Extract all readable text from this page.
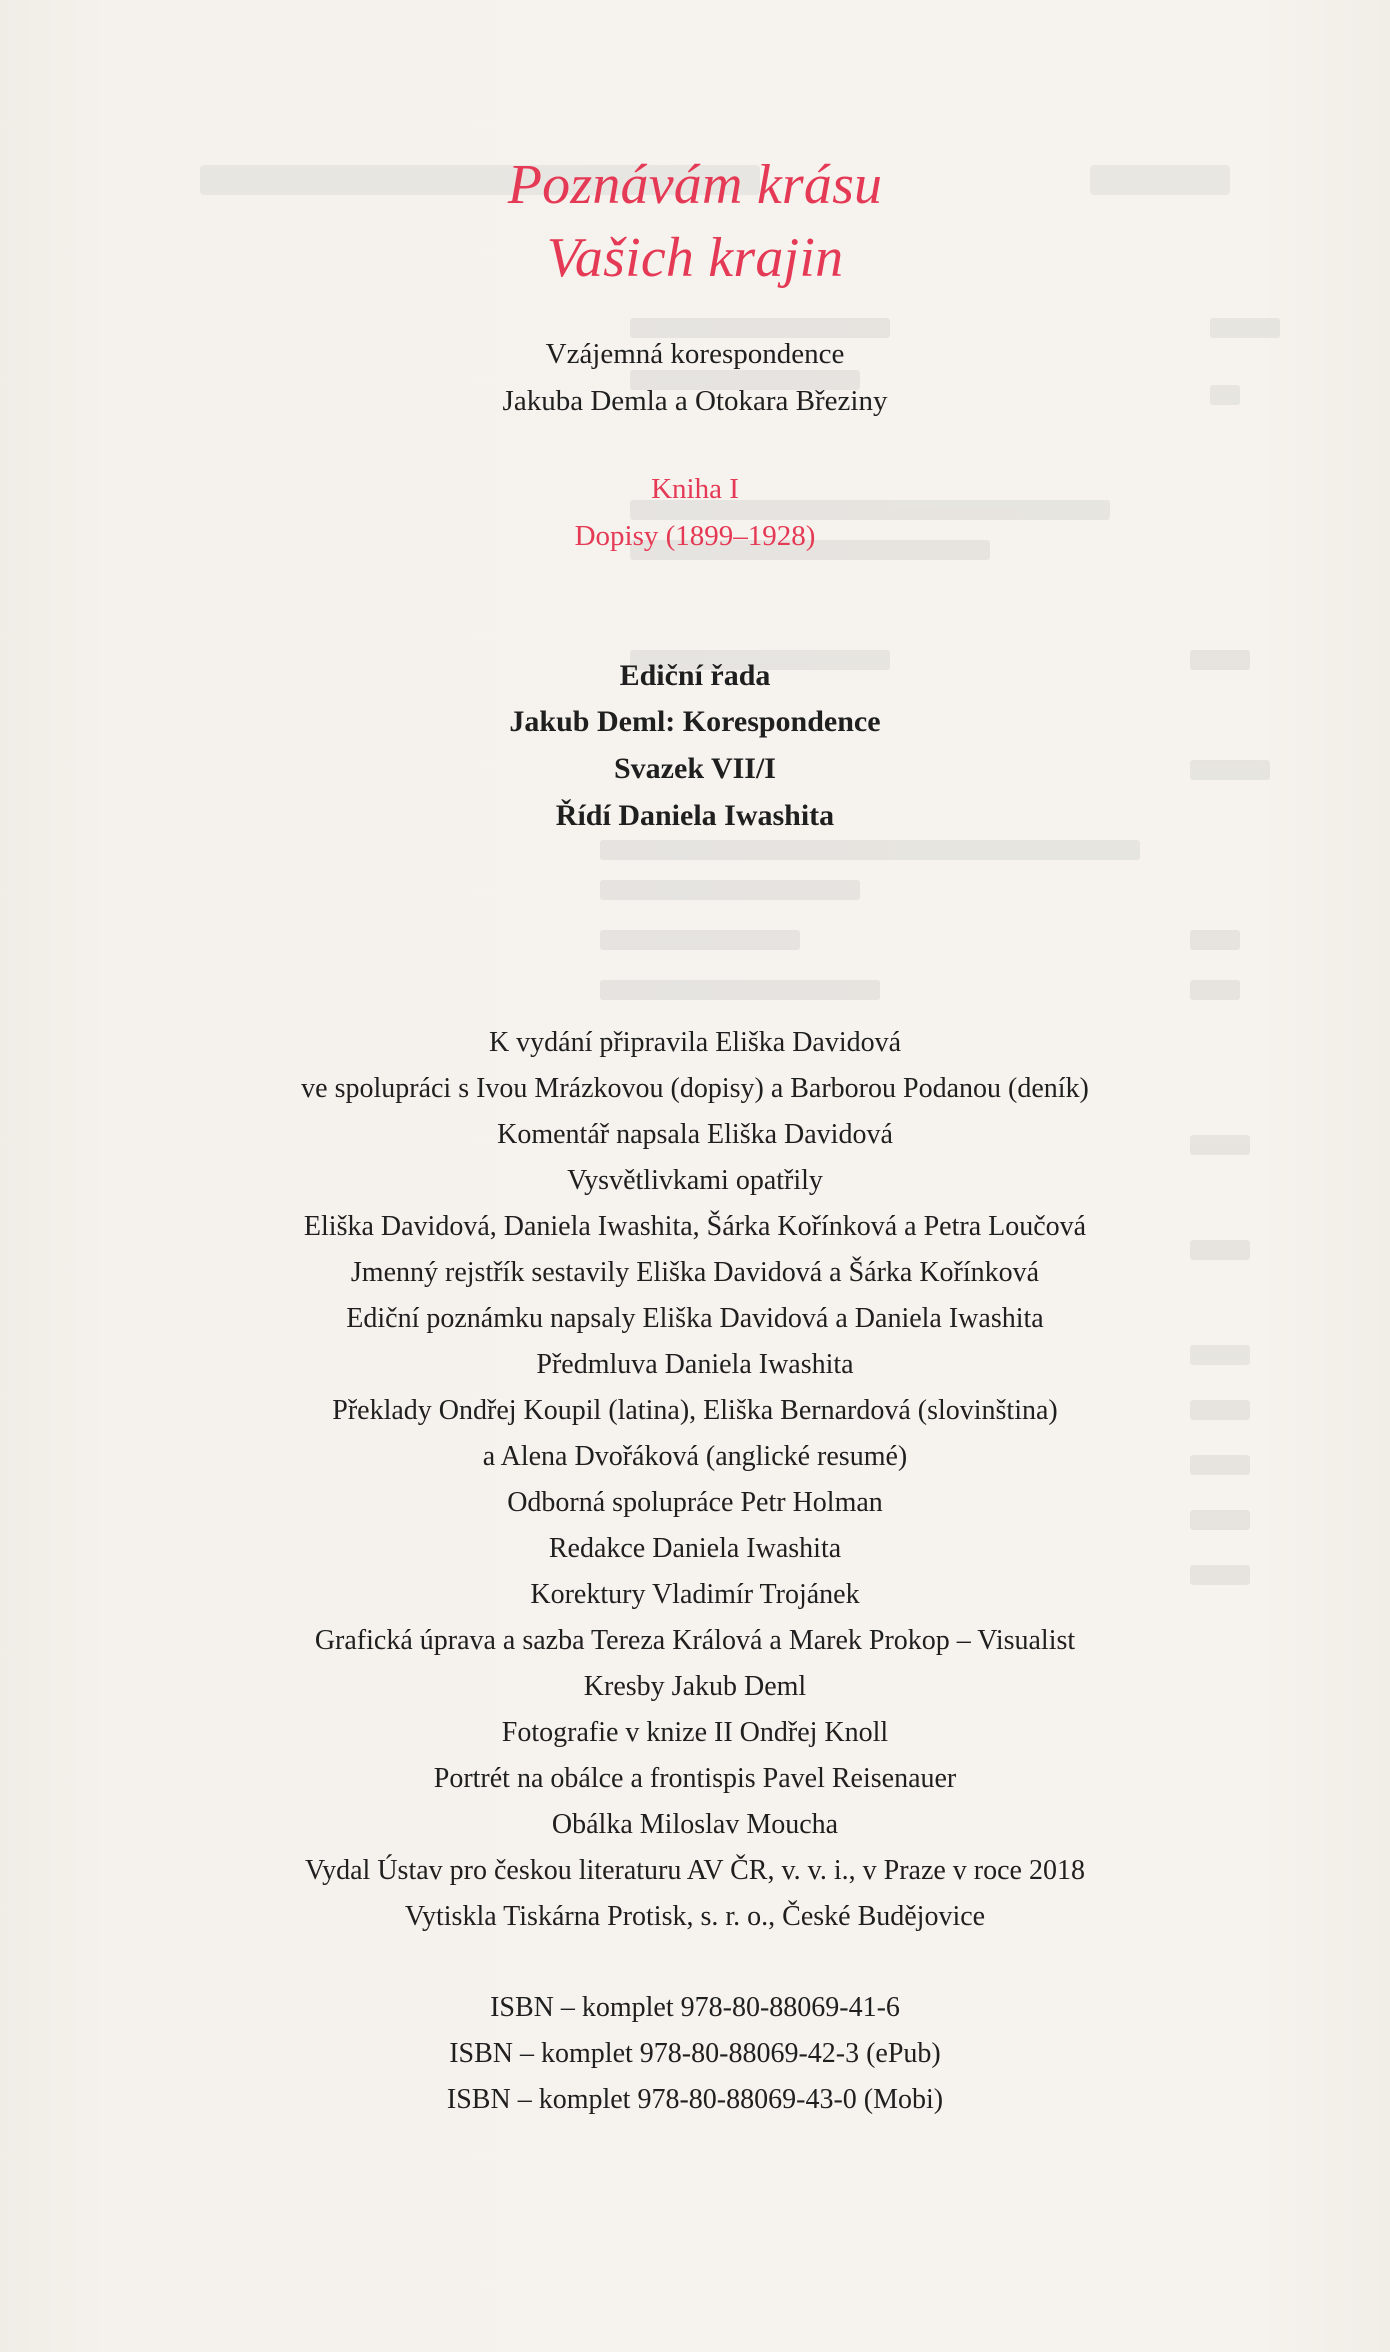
Poznávám krásu
Vašich krajin
Vzájemná korespondence
Jakuba Demla a Otokara Březiny
Kniha I
Dopisy (1899–1928)
Ediční řada
Jakub Deml: Korespondence
Svazek VII/I
Řídí Daniela Iwashita
K vydání připravila Eliška Davidová
ve spolupráci s Ivou Mrázkovou (dopisy) a Barborou Podanou (deník)
Komentář napsala Eliška Davidová
Vysvětlivkami opatřily
Eliška Davidová, Daniela Iwashita, Šárka Kořínková a Petra Loučová
Jmenný rejstřík sestavily Eliška Davidová a Šárka Kořínková
Ediční poznámku napsaly Eliška Davidová a Daniela Iwashita
Předmluva Daniela Iwashita
Překlady Ondřej Koupil (latina), Eliška Bernardová (slovinština)
a Alena Dvořáková (anglické resumé)
Odborná spolupráce Petr Holman
Redakce Daniela Iwashita
Korektury Vladimír Trojánek
Grafická úprava a sazba Tereza Králová a Marek Prokop – Visualist
Kresby Jakub Deml
Fotografie v knize II Ondřej Knoll
Portrét na obálce a frontispis Pavel Reisenauer
Obálka Miloslav Moucha
Vydal Ústav pro českou literaturu AV ČR, v. v. i., v Praze v roce 2018
Vytiskla Tiskárna Protisk, s. r. o., České Budějovice
ISBN – komplet 978-80-88069-41-6
ISBN – komplet 978-80-88069-42-3 (ePub)
ISBN – komplet 978-80-88069-43-0 (Mobi)
